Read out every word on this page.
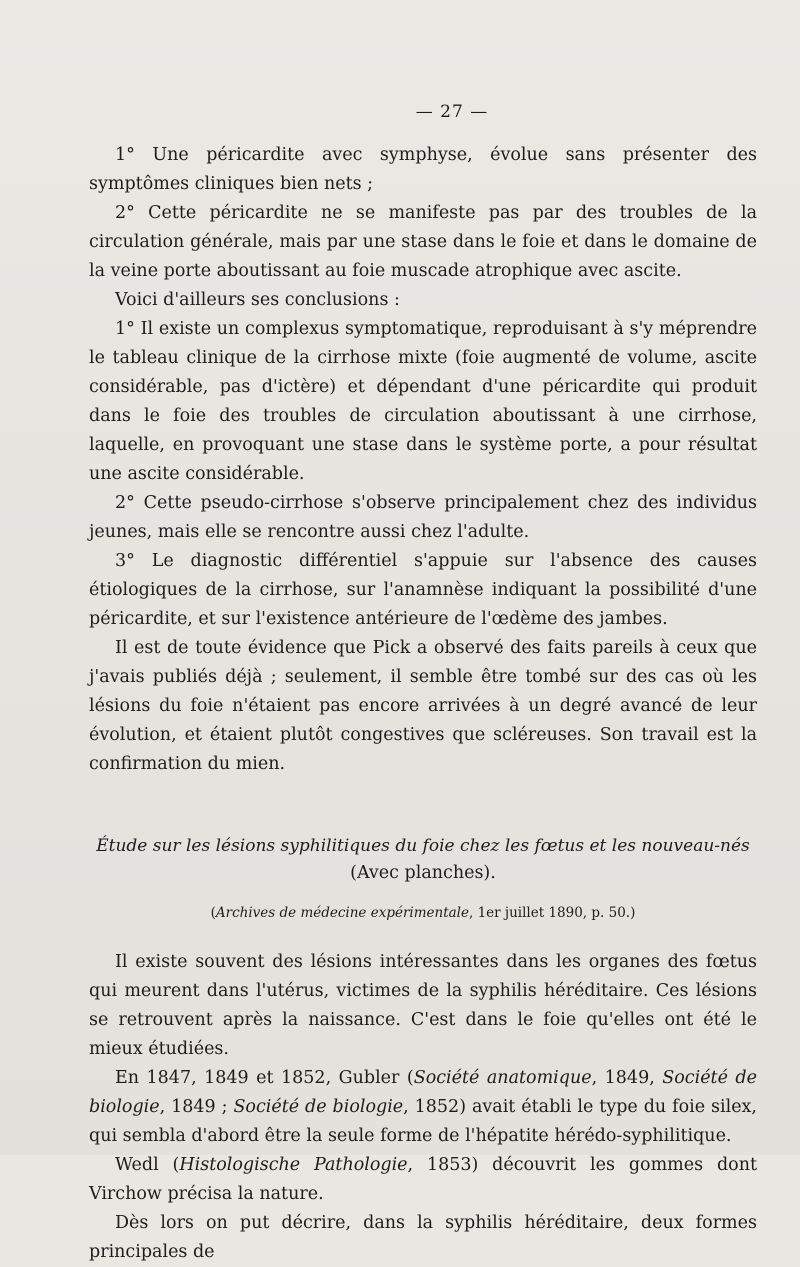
— 27 —

1° Une péricardite avec symphyse, évolue sans présenter des symptômes cliniques bien nets ;

2° Cette péricardite ne se manifeste pas par des troubles de la circulation générale, mais par une stase dans le foie et dans le domaine de la veine porte aboutissant au foie muscade atrophique avec ascite.

Voici d'ailleurs ses conclusions :

1° Il existe un complexus symptomatique, reproduisant à s'y méprendre le tableau clinique de la cirrhose mixte (foie augmenté de volume, ascite considérable, pas d'ictère) et dépendant d'une péricardite qui produit dans le foie des troubles de circulation aboutissant à une cirrhose, laquelle, en provoquant une stase dans le système porte, a pour résultat une ascite considérable.

2° Cette pseudo-cirrhose s'observe principalement chez des individus jeunes, mais elle se rencontre aussi chez l'adulte.

3° Le diagnostic différentiel s'appuie sur l'absence des causes étiologiques de la cirrhose, sur l'anamnèse indiquant la possibilité d'une péricardite, et sur l'existence antérieure de l'œdème des jambes.

Il est de toute évidence que Pick a observé des faits pareils à ceux que j'avais publiés déjà ; seulement, il semble être tombé sur des cas où les lésions du foie n'étaient pas encore arrivées à un degré avancé de leur évolution, et étaient plutôt congestives que scléreuses. Son travail est la confirmation du mien.

Étude sur les lésions syphilitiques du foie chez les fœtus et les nouveau-nés
(Avec planches).
(Archives de médecine expérimentale, 1er juillet 1890, p. 50.)

Il existe souvent des lésions intéressantes dans les organes des fœtus qui meurent dans l'utérus, victimes de la syphilis héréditaire. Ces lésions se retrouvent après la naissance. C'est dans le foie qu'elles ont été le mieux étudiées.

En 1847, 1849 et 1852, Gubler (Société anatomique, 1849, Société de biologie, 1849 ; Société de biologie, 1852) avait établi le type du foie silex, qui sembla d'abord être la seule forme de l'hépatite hérédo-syphilitique.

Wedl (Histologische Pathologie, 1853) découvrit les gommes dont Virchow précisa la nature.

Dès lors on put décrire, dans la syphilis héréditaire, deux formes principales de
